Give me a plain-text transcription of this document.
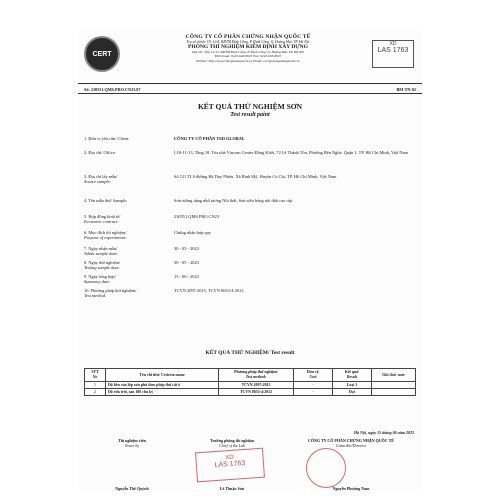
CERT
CÔNG TY CỔ PHẦN CHỨNG NHẬN QUỐC TẾ
Trụ sở chính: C9, Lô 8, KĐTM Định Công, P. Định Công, Q. Hoàng Mai, TP. Hà Nội
PHÒNG THÍ NGHIỆM KIỂM ĐỊNH XÂY DỰNG
Địa chỉ: 429, Lô 12, KĐTM Định Công, P. Định Công, Q. Hoàng Mai, TP. Hà Nội
Điện thoại: 0243-640-8025 Fax: 0243-693-8025
Website: http://www.chungnhanquocte.vn Email: cert@chungnhanquocte.vn
XD
LAS 1763
Số: 230551.QMS.PRO.CN23.07	BM-TN-02
KẾT QUẢ THỬ NGHIỆM SƠN
Test result paint
1. Đơn vị yêu cầu/ Client:	CÔNG TY CỔ PHẦN TSD GLOBAL
2. Địa chỉ/ Office:	L18-11-13, Tầng 18, Tòa nhà Vincom Center Đồng Khởi, 72 Lê Thánh Tôn, Phường Bến Nghé, Quận 1, TP. Hồ Chí Minh, Việt Nam
3. Địa chỉ lấy mẫu/
Source sample:
Số 121 TL9 đường Hà Duy Phiên, Xã Bình Mỹ, Huyện Củ Chi, TP. Hồ Chí Minh, Việt Nam
4. Tên mẫu thử/ Sample:	Sơn tường dạng nhũ tương Nội thất, Sơn siêu bóng nội thất cao cấp
5. Hợp đồng kinh tế/
Economic contract:
230551.QMS.PRO.CN23
6. Mục đích thí nghiệm/
Purpose of experiments:
Chứng nhận hợp quy
7. Ngày nhận mẫu/
Admit sample date:
30 - 05 - 2023
8. Ngày thử nghiệm/
Testing sample date:
30 - 05 - 2023
9. Ngày tổng hợp/
Summary date:
15 - 06 - 2023
10. Phương pháp thử nghiệm/
Test method:
TCVN 2097:2015, TCVN 8653-4:2012
KẾT QUẢ THỬ NGHIỆM/ Test result
STT
No	Tên chỉ tiêu/ Criteria name	Phương pháp thử nghiệm/
Test method:	Đơn vị/
Unit	Kết quả/
Result	Ghi chú/ note
1	Độ bền của lớp sơn phủ theo phép thử cắt ô	TCVN 2097:2015	-	Loại 1	
2	Độ rửa trôi, sau 100 chu kỳ	TCVN 8653-4:2012	-	Đạt	
Hà Nội, ngày 15 tháng 06 năm 2023
Thí nghiệm viên
Tester by
Nguyễn Thế Quỳnh
Trưởng phòng thí nghiệm
Chief of the Lab
XD
LAS 1763
Lê Thuận Sơn
CÔNG TY CỔ PHẦN CHỨNG NHẬN QUỐC TẾ
Giám đốc/Director
Nguyễn Phương Nam
